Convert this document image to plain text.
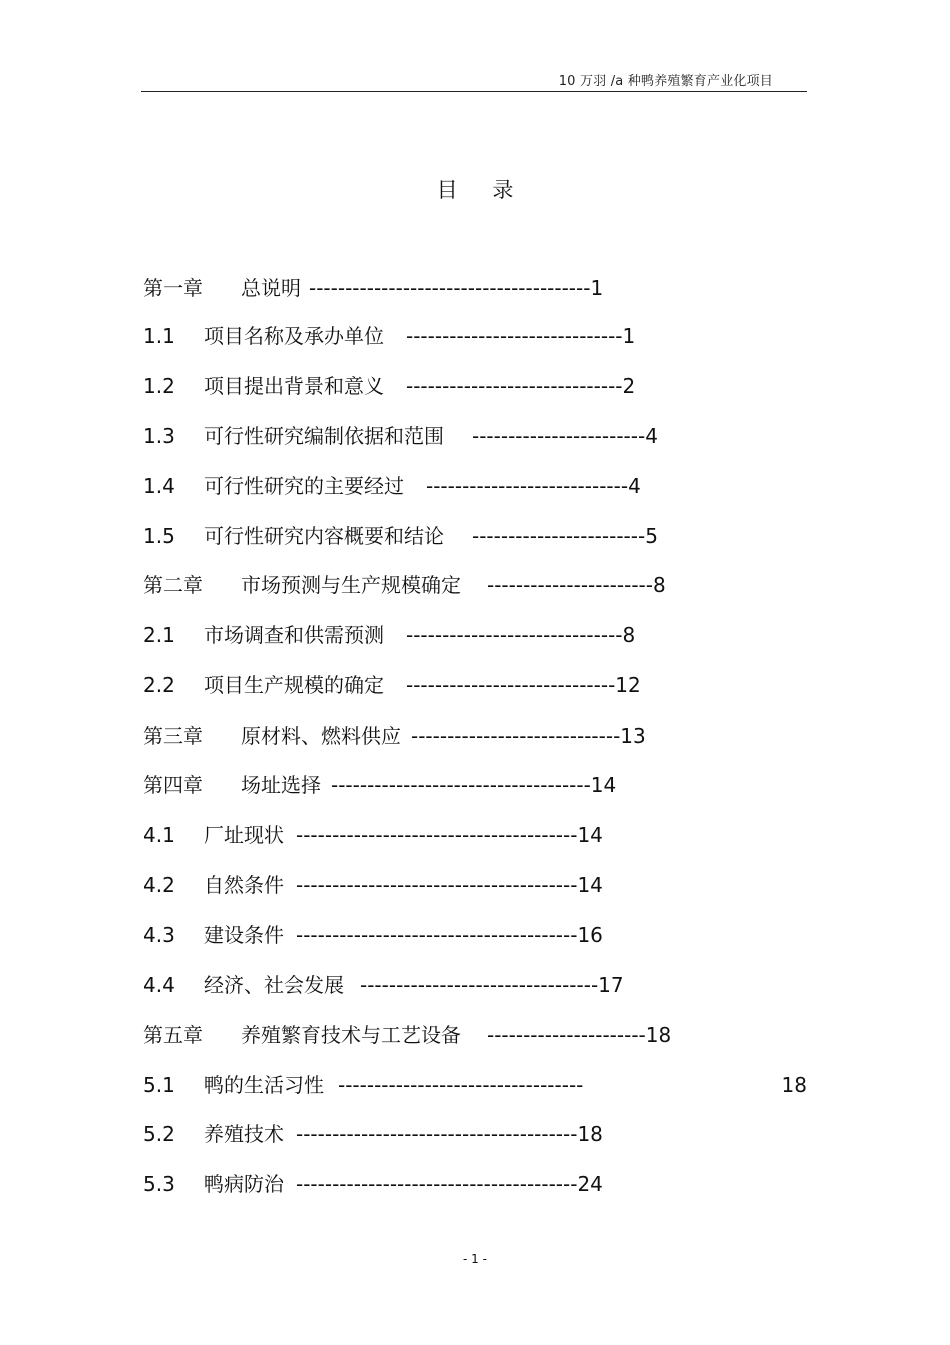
10 万羽 /a 种鸭养殖繁育产业化项目
目 录
第一章 总说明 ---------------------------------------1
1.1 项目名称及承办单位 ------------------------------1
1.2 项目提出背景和意义 ------------------------------2
1.3 可行性研究编制依据和范围 ------------------------4
1.4 可行性研究的主要经过 ----------------------------4
1.5 可行性研究内容概要和结论 ------------------------5
第二章 市场预测与生产规模确定 -----------------------8
2.1 市场调查和供需预测 ------------------------------8
2.2 项目生产规模的确定 -----------------------------12
第三章 原材料、燃料供应 -----------------------------13
第四章 场址选择 ------------------------------------14
4.1 厂址现状 ---------------------------------------14
4.2 自然条件 ---------------------------------------14
4.3 建设条件 ---------------------------------------16
4.4 经济、社会发展 ---------------------------------17
第五章 养殖繁育技术与工艺设备 ----------------------18
5.1 鸭的生活习性 ----------------------------------	18
5.2 养殖技术 ---------------------------------------18
5.3 鸭病防治 ---------------------------------------24
- 1 -
